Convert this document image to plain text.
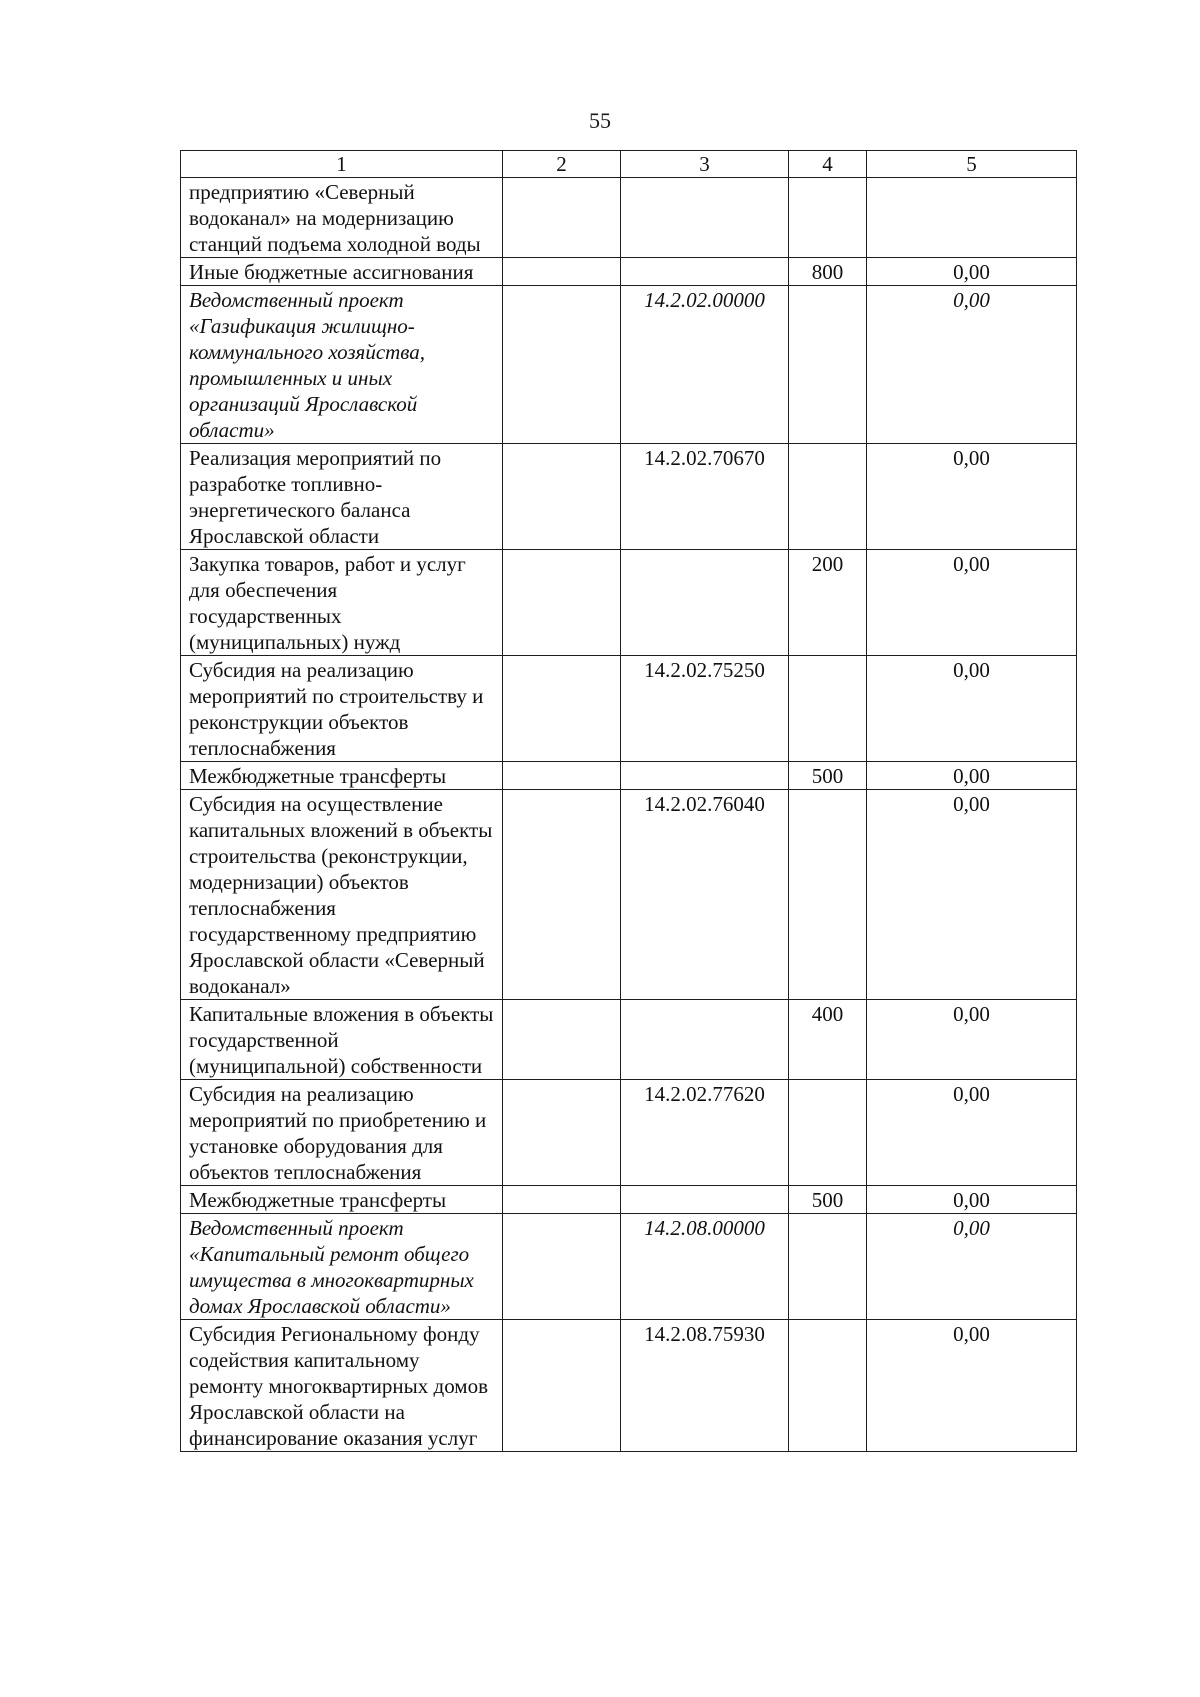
55
1	2	3	4	5
предприятию «Северный водоканал» на модернизацию станций подъема холодной воды				
Иные бюджетные ассигнования			800	0,00
Ведомственный проект «Газификация жилищно-коммунального хозяйства, промышленных и иных организаций Ярославской области»		14.2.02.00000		0,00
Реализация мероприятий по разработке топливно-энергетического баланса Ярославской области		14.2.02.70670		0,00
Закупка товаров, работ и услуг для обеспечения государственных (муниципальных) нужд			200	0,00
Субсидия на реализацию мероприятий по строительству и реконструкции объектов теплоснабжения		14.2.02.75250		0,00
Межбюджетные трансферты			500	0,00
Субсидия на осуществление капитальных вложений в объекты строительства (реконструкции, модернизации) объектов теплоснабжения государственному предприятию Ярославской области «Северный водоканал»		14.2.02.76040		0,00
Капитальные вложения в объекты государственной (муниципальной) собственности			400	0,00
Субсидия на реализацию мероприятий по приобретению и установке оборудования для объектов теплоснабжения		14.2.02.77620		0,00
Межбюджетные трансферты			500	0,00
Ведомственный проект «Капитальный ремонт общего имущества в многоквартирных домах Ярославской области»		14.2.08.00000		0,00
Субсидия Региональному фонду содействия капитальному ремонту многоквартирных домов Ярославской области на финансирование оказания услуг		14.2.08.75930		0,00
